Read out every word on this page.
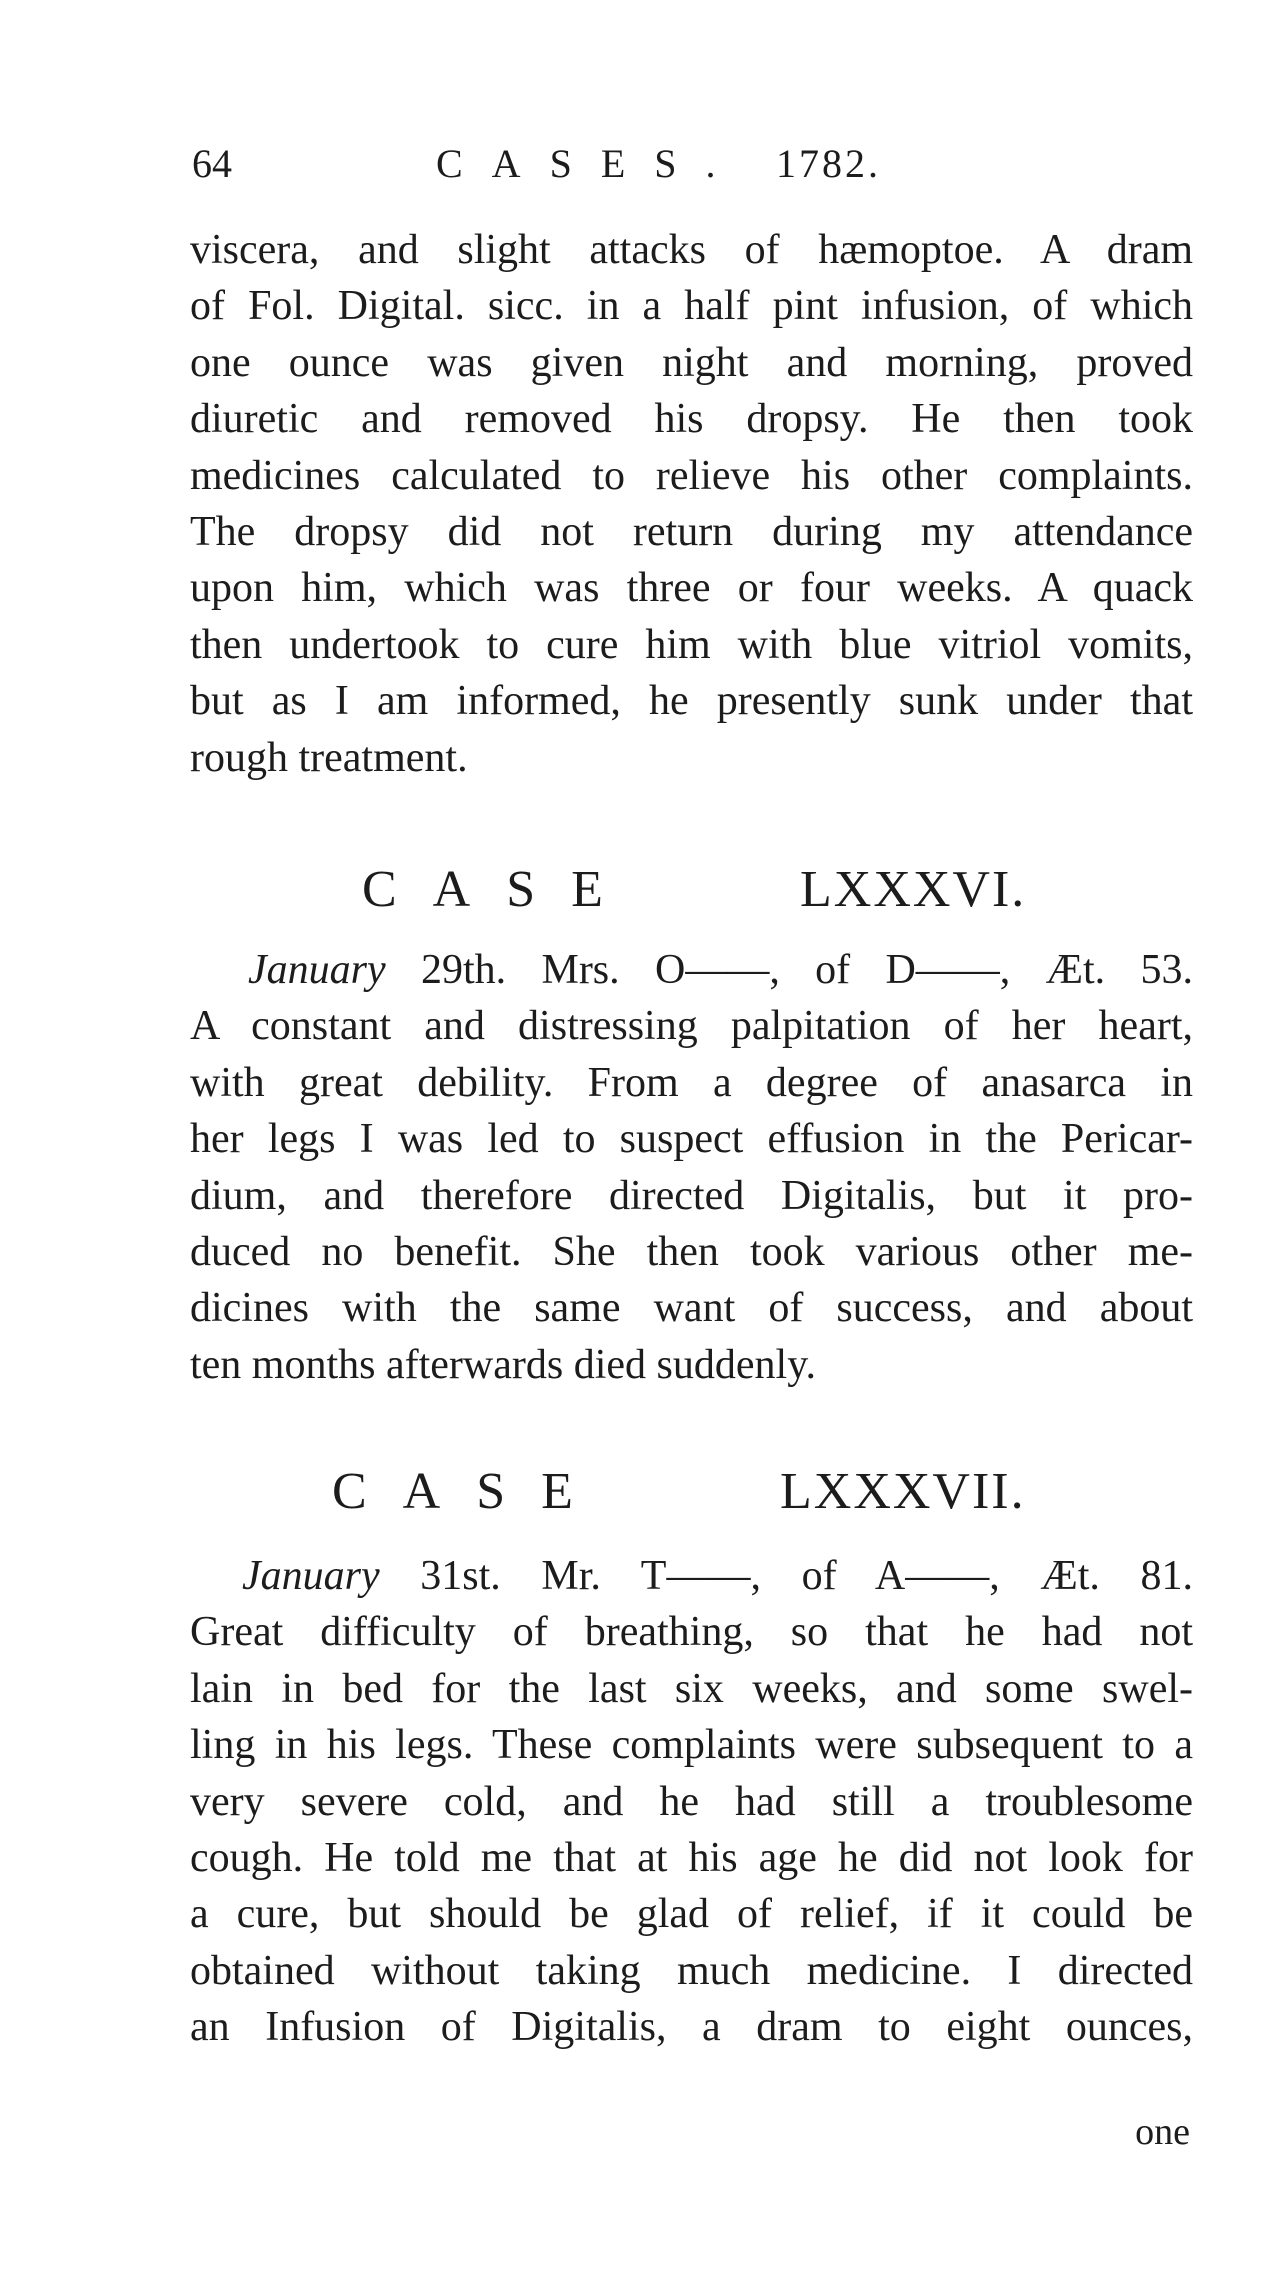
64	CASES. 1782.

viscera, and slight attacks of hæmoptoe. A dram
of Fol. Digital. sicc. in a half pint infusion, of which
one ounce was given night and morning, proved
diuretic and removed his dropsy. He then took
medicines calculated to relieve his other complaints.
The dropsy did not return during my attendance
upon him, which was three or four weeks. A quack
then undertook to cure him with blue vitriol vomits,
but as I am informed, he presently sunk under that
rough treatment.

CASE	LXXXVI.

January 29th. Mrs. O——, of D——, Æt. 53.
A constant and distressing palpitation of her heart,
with great debility. From a degree of anasarca in
her legs I was led to suspect effusion in the Pericar-
dium, and therefore directed Digitalis, but it pro-
duced no benefit. She then took various other me-
dicines with the same want of success, and about
ten months afterwards died suddenly.

CASE	LXXXVII.

January 31st. Mr. T——, of A——, Æt. 81.
Great difficulty of breathing, so that he had not
lain in bed for the last six weeks, and some swel-
ling in his legs. These complaints were subsequent to a
very severe cold, and he had still a troublesome
cough. He told me that at his age he did not look for
a cure, but should be glad of relief, if it could be
obtained without taking much medicine. I directed
an Infusion of Digitalis, a dram to eight ounces,

one
